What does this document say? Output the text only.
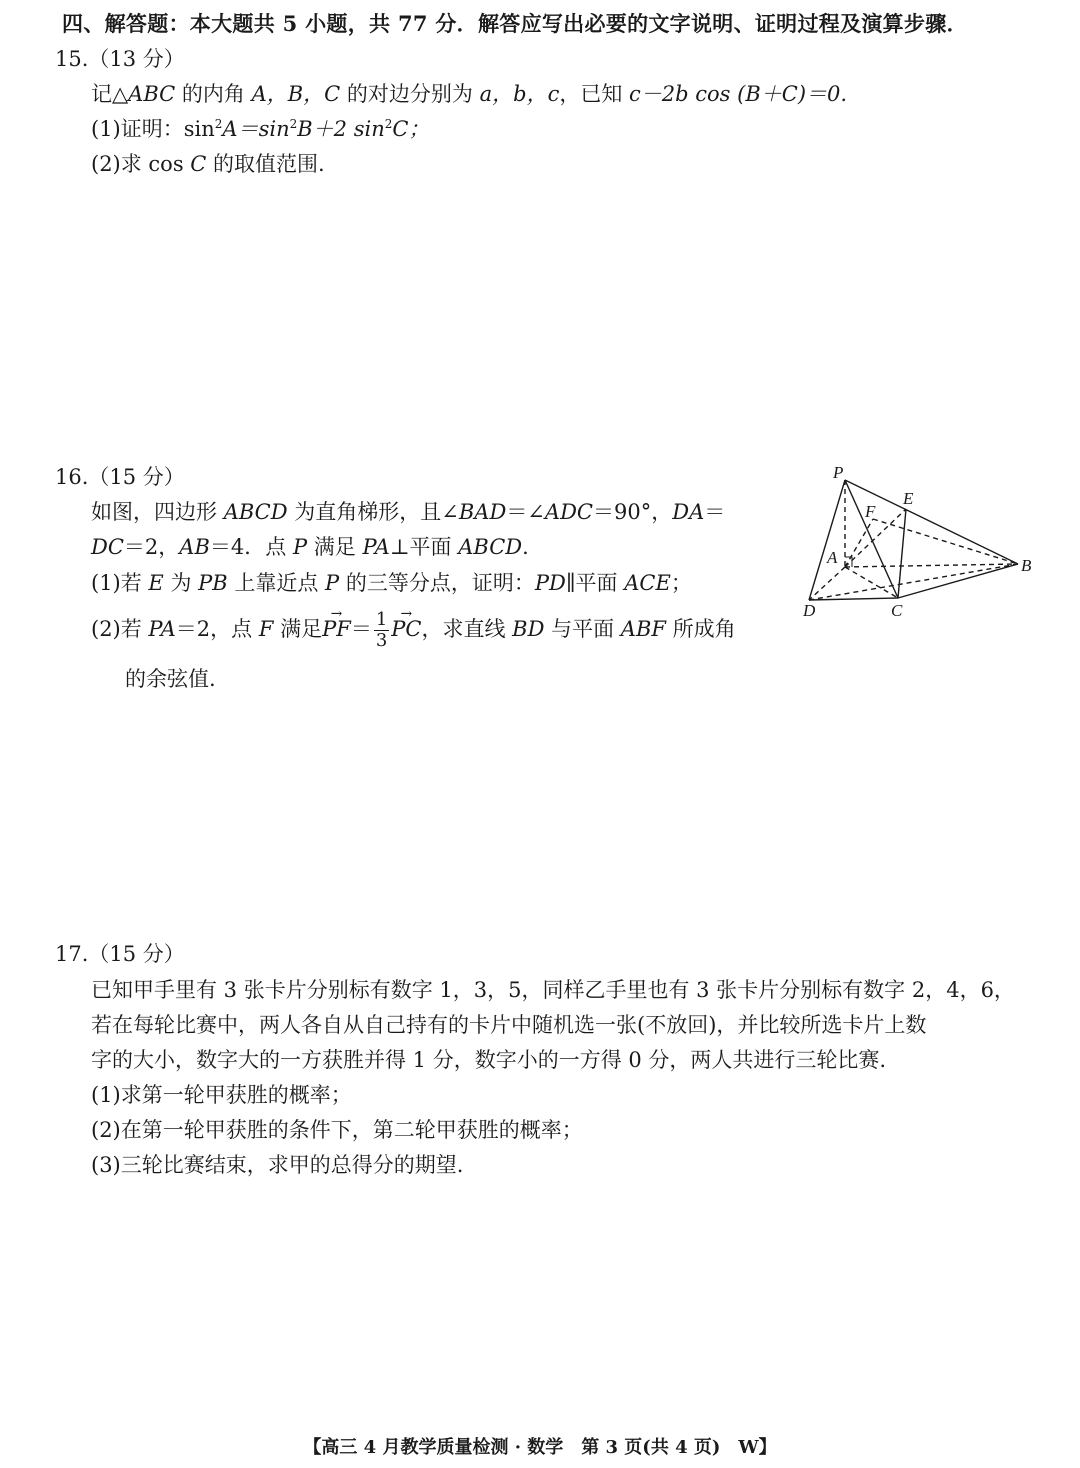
四、解答题：本大题共 5 小题，共 77 分．解答应写出必要的文字说明、证明过程及演算步骤．
15.（13 分）
记△ABC 的内角 A，B，C 的对边分别为 a，b，c，已知 c－2b cos (B＋C)＝0.
(1)证明：$\sin^2A=\sin^2B+2$ $\sin^2C$；
(2)求 cos C 的取值范围.
16.（15 分）
如图，四边形 ABCD 为直角梯形，且∠BAD＝∠ADC＝90°，DA＝
DC＝2，AB＝4．点 P 满足 PA⊥平面 ABCD.
(1)若 E 为 PB 上靠近点 P 的三等分点，证明：PD∥平面 ACE；
(2)若 PA＝2，点 F 满足→ $PF= \frac{1}{3}$
→ PC，求直线 BD 与平面 ABF 所成角
的余弦值.
P
E
F
A	B
C
D
17.（15 分）
已知甲手里有 3 张卡片分别标有数字 1，3，5，同样乙手里也有 3 张卡片分别标有数字 2，4，6，
若在每轮比赛中，两人各自从自己持有的卡片中随机选一张(不放回)，并比较所选卡片上数
字的大小，数字大的一方获胜并得 1 分，数字小的一方得 0 分，两人共进行三轮比赛.
(1)求第一轮甲获胜的概率；
(2)在第一轮甲获胜的条件下，第二轮甲获胜的概率；
(3)三轮比赛结束，求甲的总得分的期望.
【高三 4 月教学质量检测 · 数学　第 3 页(共 4 页)　W】
